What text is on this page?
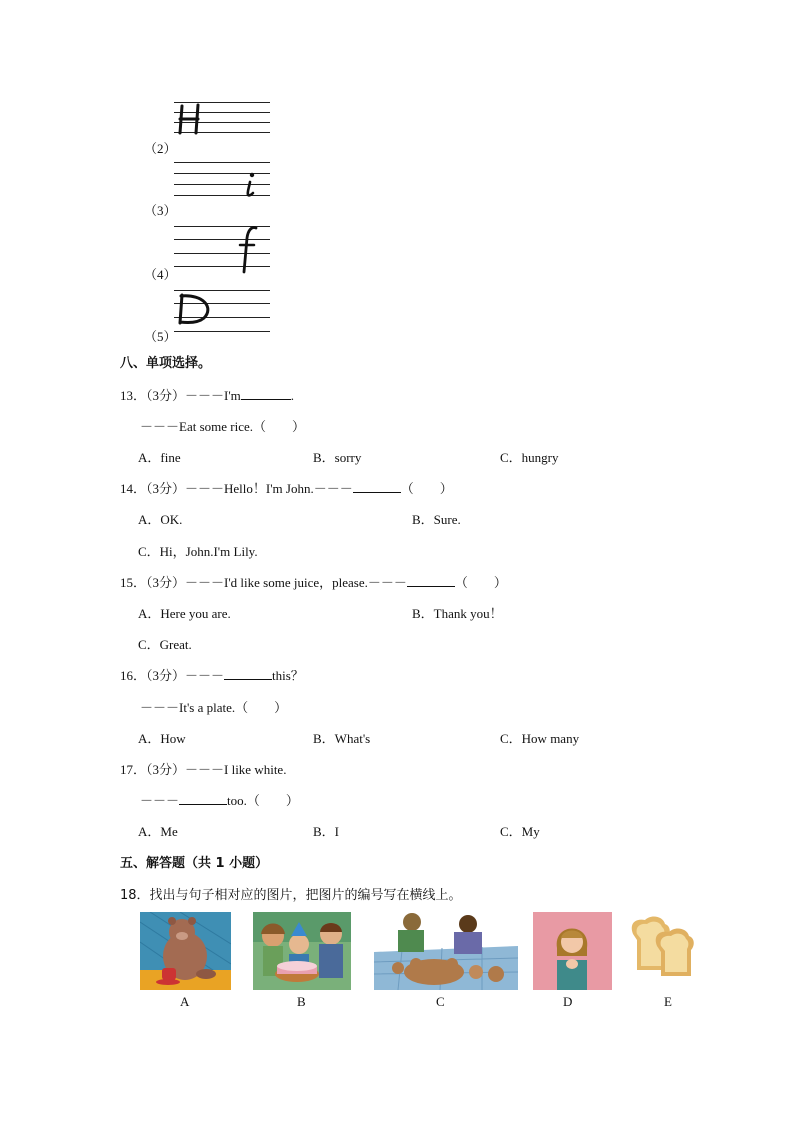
（2）
（3）
（4）
（5）
八、单项选择。
13．（3分）－－－I'm	.
－－－Eat some rice.（　　）
A．fine	B．sorry	C．hungry
14．（3分）－－－Hello！I'm John.－－－	（　　）
A．OK.	B．Sure.
C．Hi，John.I'm Lily.
15．（3分）－－－I'd like some juice，please.－－－	（　　）
A．Here you are.	B．Thank you！
C．Great.
16．（3分）－－－	this？
－－－It's a plate.（　　）
A．How	B．What's	C．How many
17．（3分）－－－I like white.
－－－	too.（　　）
A．Me	B．I	C．My
五、解答题（共 1 小题）
18．找出与句子相对应的图片，把图片的编号写在横线上。
A	B	C	D	E
